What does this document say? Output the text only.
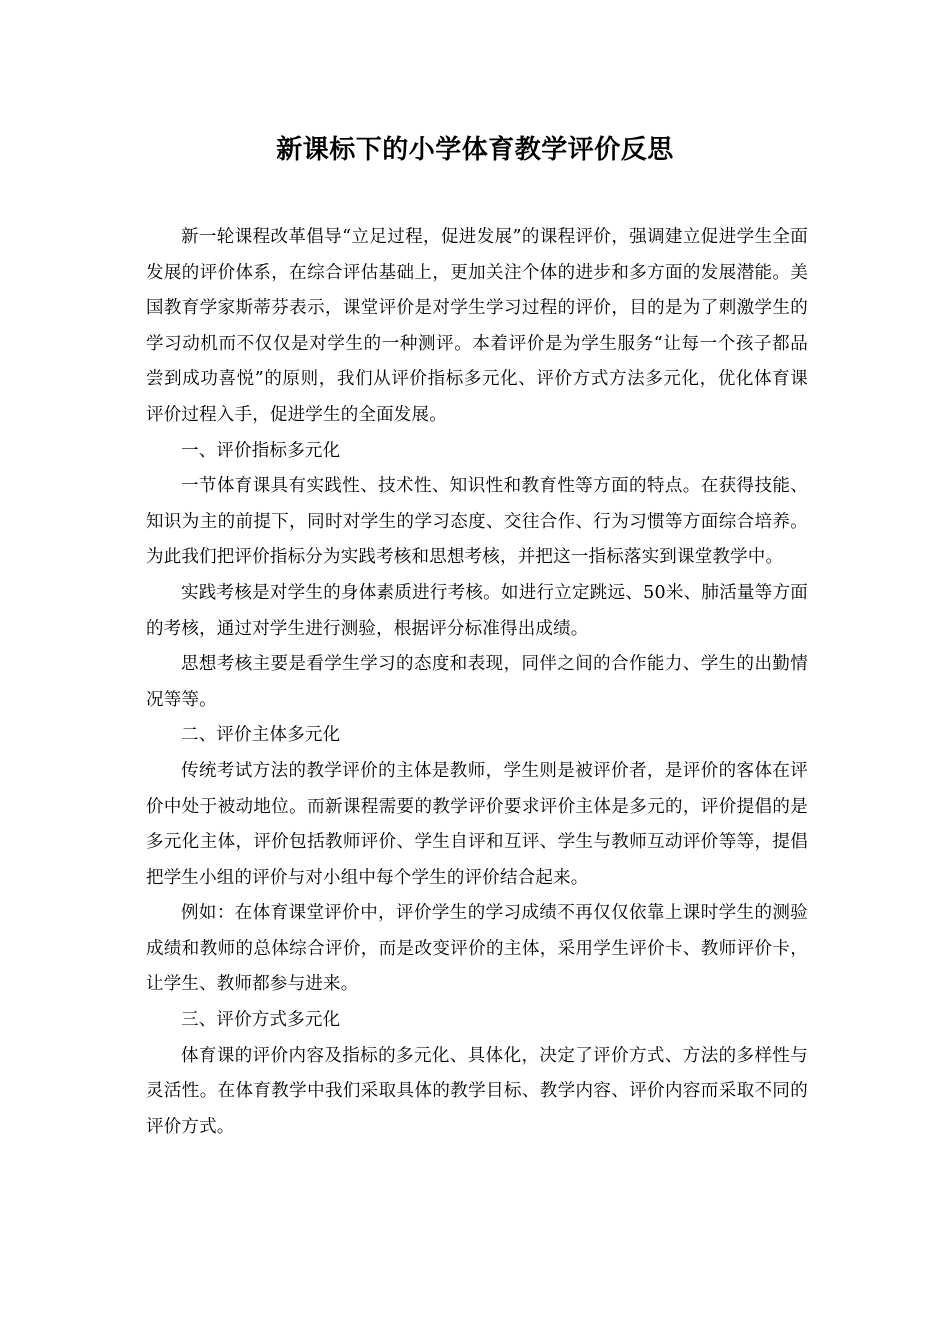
新课标下的小学体育教学评价反思

新一轮课程改革倡导“立足过程，促进发展”的课程评价，强调建立促进学生全面发展的评价体系，在综合评估基础上，更加关注个体的进步和多方面的发展潜能。美国教育学家斯蒂芬表示，课堂评价是对学生学习过程的评价，目的是为了刺激学生的学习动机而不仅仅是对学生的一种测评。本着评价是为学生服务“让每一个孩子都品尝到成功喜悦”的原则，我们从评价指标多元化、评价方式方法多元化，优化体育课评价过程入手，促进学生的全面发展。

一、评价指标多元化

一节体育课具有实践性、技术性、知识性和教育性等方面的特点。在获得技能、知识为主的前提下，同时对学生的学习态度、交往合作、行为习惯等方面综合培养。为此我们把评价指标分为实践考核和思想考核，并把这一指标落实到课堂教学中。

实践考核是对学生的身体素质进行考核。如进行立定跳远、50米、肺活量等方面的考核，通过对学生进行测验，根据评分标准得出成绩。

思想考核主要是看学生学习的态度和表现，同伴之间的合作能力、学生的出勤情况等等。

二、评价主体多元化

传统考试方法的教学评价的主体是教师，学生则是被评价者，是评价的客体在评价中处于被动地位。而新课程需要的教学评价要求评价主体是多元的，评价提倡的是多元化主体，评价包括教师评价、学生自评和互评、学生与教师互动评价等等，提倡把学生小组的评价与对小组中每个学生的评价结合起来。

例如：在体育课堂评价中，评价学生的学习成绩不再仅仅依靠上课时学生的测验成绩和教师的总体综合评价，而是改变评价的主体，采用学生评价卡、教师评价卡，让学生、教师都参与进来。

三、评价方式多元化

体育课的评价内容及指标的多元化、具体化，决定了评价方式、方法的多样性与灵活性。在体育教学中我们采取具体的教学目标、教学内容、评价内容而采取不同的评价方式。
